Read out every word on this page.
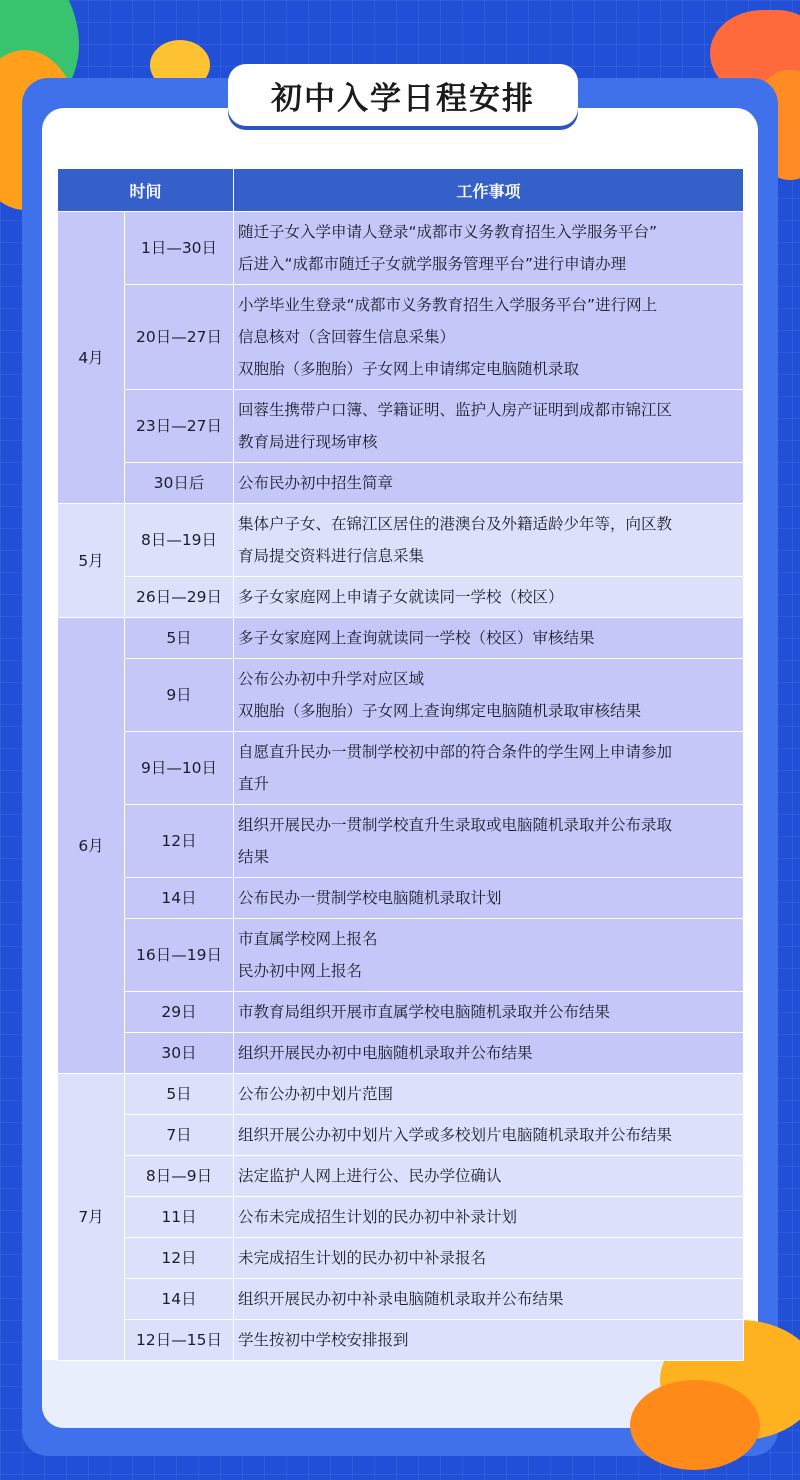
初中入学日程安排
时间		工作事项
4月	1日—30日	随迁子女入学申请人登录“成都市义务教育招生入学服务平台”
后进入“成都市随迁子女就学服务管理平台”进行申请办理

	20日—27日	小学毕业生登录“成都市义务教育招生入学服务平台”进行网上
信息核对（含回蓉生信息采集）
双胞胎（多胞胎）子女网上申请绑定电脑随机录取

	23日—27日	回蓉生携带户口簿、学籍证明、监护人房产证明到成都市锦江区
教育局进行现场审核

	30日后	公布民办初中招生简章

5月	8日—19日	集体户子女、在锦江区居住的港澳台及外籍适龄少年等，向区教
育局提交资料进行信息采集

	26日—29日	多子女家庭网上申请子女就读同一学校（校区）

6月	5日	多子女家庭网上查询就读同一学校（校区）审核结果

	9日	公布公办初中升学对应区域
双胞胎（多胞胎）子女网上查询绑定电脑随机录取审核结果

	9日—10日	自愿直升民办一贯制学校初中部的符合条件的学生网上申请参加
直升

	12日	组织开展民办一贯制学校直升生录取或电脑随机录取并公布录取
结果

	14日	公布民办一贯制学校电脑随机录取计划

	16日—19日	市直属学校网上报名
民办初中网上报名

	29日	市教育局组织开展市直属学校电脑随机录取并公布结果

	30日	组织开展民办初中电脑随机录取并公布结果

7月	5日	公布公办初中划片范围

	7日	组织开展公办初中划片入学或多校划片电脑随机录取并公布结果

	8日—9日	法定监护人网上进行公、民办学位确认

	11日	公布未完成招生计划的民办初中补录计划

	12日	未完成招生计划的民办初中补录报名

	14日	组织开展民办初中补录电脑随机录取并公布结果

	12日—15日	学生按初中学校安排报到
